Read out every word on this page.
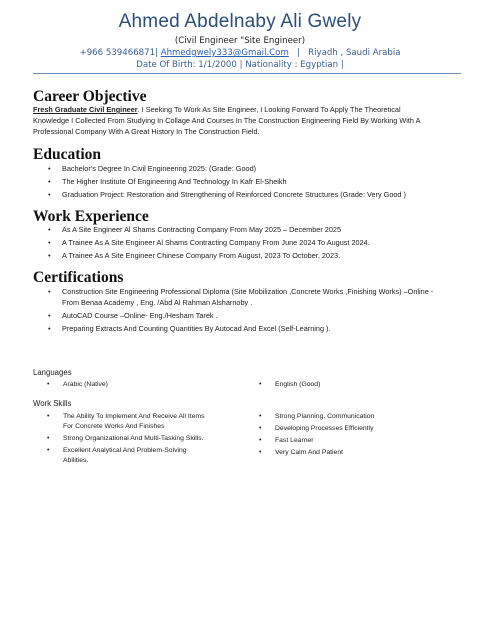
Ahmed Abdelnaby Ali Gwely
(Civil Engineer "Site Engineer)
+966 539466871| Ahmedgwely333@Gmail.Com | Riyadh , Saudi Arabia
Date Of Birth: 1/1/2000 | Nationality : Egyptian |
Career Objective
Fresh Graduate Civil Engineer. I Seeking To Work As Site Engineer, I Looking Forward To Apply The Theoretical Knowledge I Collected From Studying In Collage And Courses In The Construction Engineering Field By Working With A Professional Company With A Great History In The Construction Field.
Education
• Bachelor's Degree In Civil Engineering 2025: (Grade: Good)
• The Higher Institute Of Engineering And Technology In Kafr El-Sheikh
• Graduation Project: Restoration and Strengthening of Reinforced Concrete Structures (Grade: Very Good )
Work Experience
• As A Site Engineer Al Shams Contracting Company From May 2025 – December 2025
• A Trainee As A Site Engineer Al Shams Contracting Company From June 2024 To August 2024.
• A Trainee As A Site Engineer Chinese Company From August, 2023 To October, 2023.
Certifications
• Construction Site Engineering Professional Diploma (Site Mobilization ,Concrete Works ,Finishing Works) –Online -From Benaa Academy , Eng. /Abd Al Rahman Alsharnoby .
• AutoCAD Course –Online- Eng./Hesham Tarek .
• Preparing Extracts And Counting Quantities By Autocad And Excel (Self-Learning ).
Languages
• Arabic (Native)
•	English (Good)
Work Skills
• The Ability To Implement And Receive All Items For Concrete Works And Finishes
• Strong Organizational And Multi-Tasking Skills.
• Excellent Analytical And Problem-Solving Abilities.
• Strong Planning, Communication
• Developing Processes Efficiently
• Fast Learner
• Very Calm And Patient
